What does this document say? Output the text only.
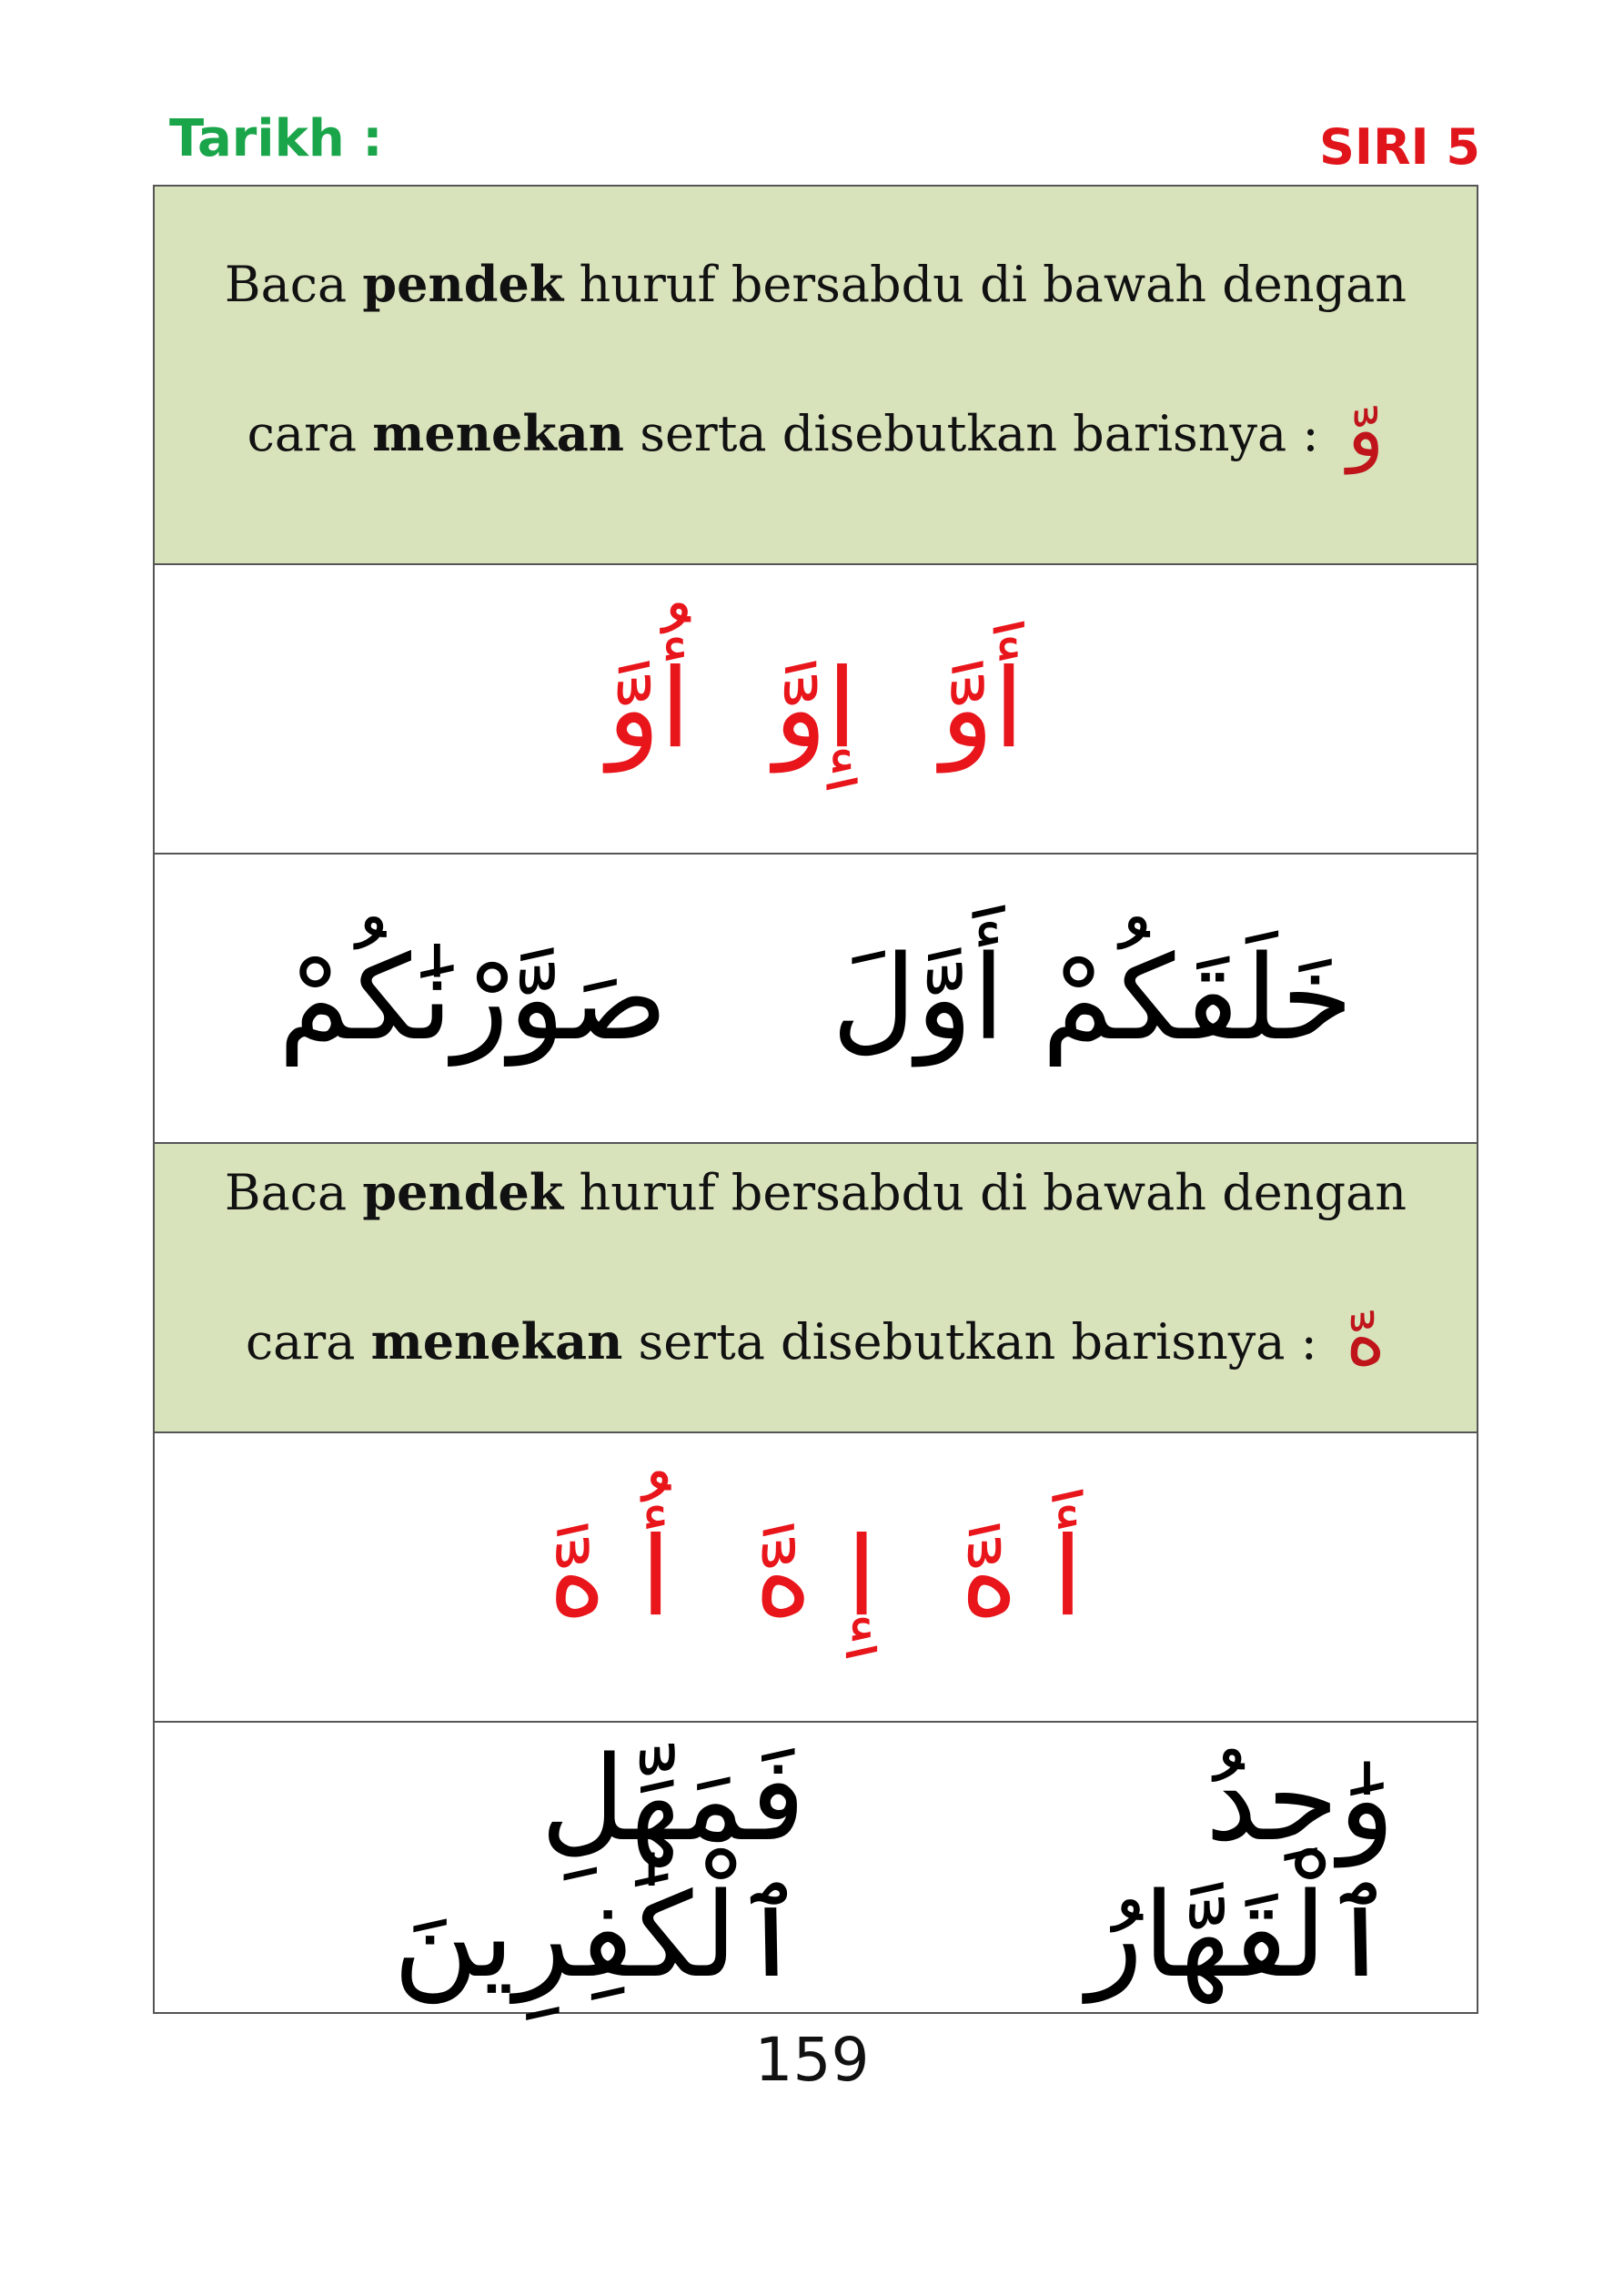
Tarikh :	SIRI 5
Baca pendek huruf bersabdu di bawah dengan
cara menekan serta disebutkan barisnya : وّ
أَوَّ
إِوَّ
أُوَّ
خَلَقَكُمْ أَوَّلَ
صَوَّرْنَٰكُمْ
Baca pendek huruf bersabdu di bawah dengan
cara menekan serta disebutkan barisnya : هّ
أَ هَّ
إِ هَّ
أُ هَّ
وَٰحِدُ ٱلْقَهَّارُ
فَمَهِّلِ ٱلْكَٰفِرِينَ
159
